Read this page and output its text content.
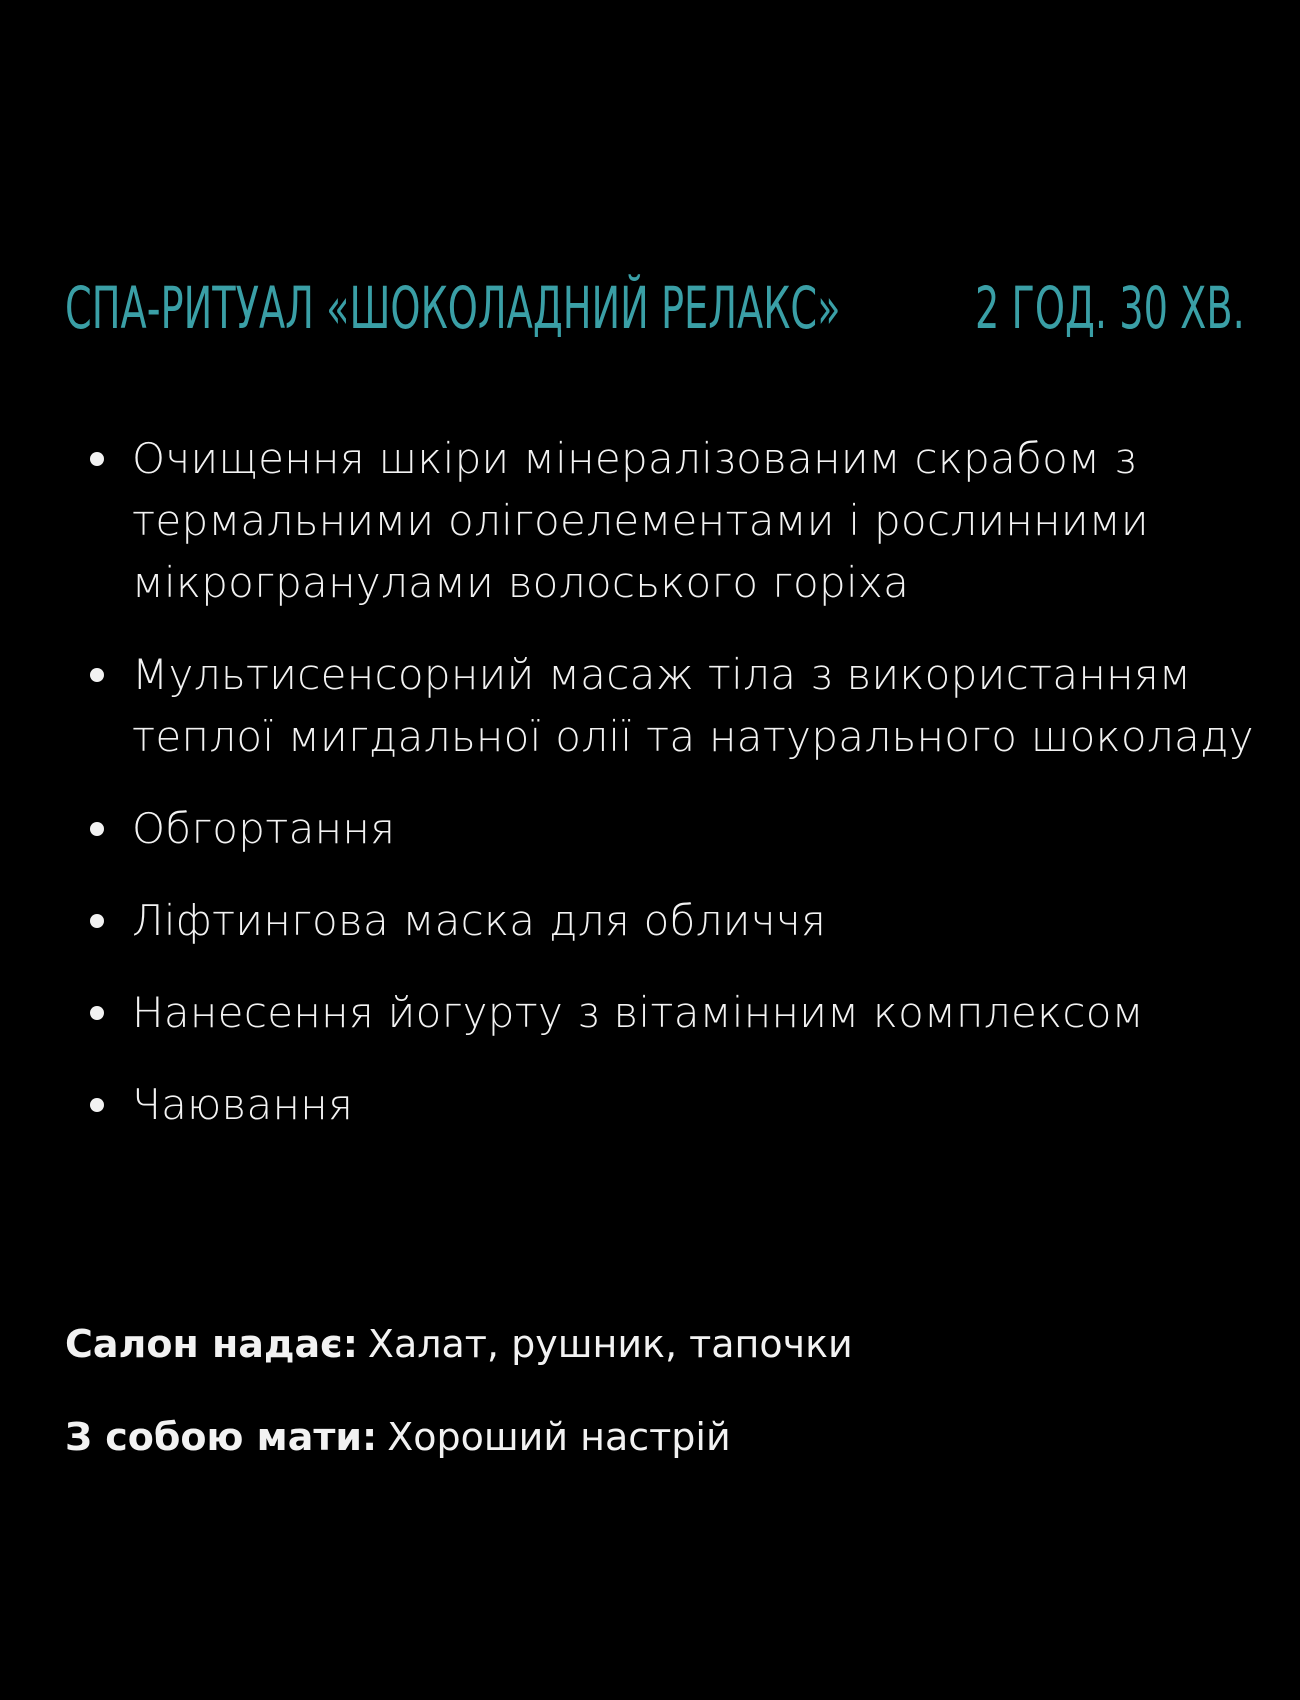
СПА-РИТУАЛ «ШОКОЛАДНИЙ РЕЛАКС» 2 ГОД. 30 ХВ.
Очищення шкіри мінералізованим скрабом з термальними олігоелементами і рослинними мікрогранулами волоського горіха
Мультисенсорний масаж тіла з використанням теплої мигдальної олії та натурального шоколаду
Обгортання
Ліфтингова маска для обличчя
Нанесення йогурту з вітамінним комплексом
Чаювання
Салон надає: Халат, рушник, тапочки
З собою мати: Хороший настрій
